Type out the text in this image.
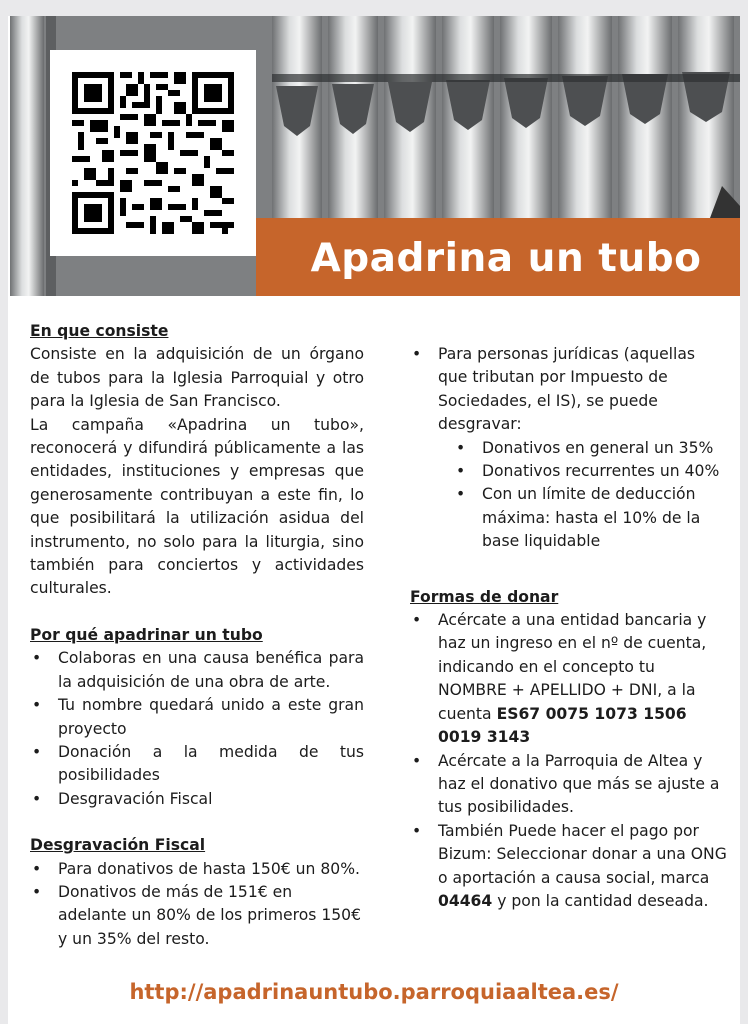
Apadrina un tubo
En que consiste

Consiste en la adquisición de un órgano de tubos para la Iglesia Parroquial y otro para la Iglesia de San Francisco.

La campaña «Apadrina un tubo», reconocerá y difundirá públicamente a las entidades, instituciones y empresas que generosamente contribuyan a este fin, lo que posibilitará la utilización asidua del instrumento, no solo para la liturgia, sino también para conciertos y actividades culturales.

Por qué apadrinar un tubo
• Colaboras en una causa benéfica para la adquisición de una obra de arte.
• Tu nombre quedará unido a este gran proyecto
• Donación a la medida de tus posibilidades
• Desgravación Fiscal
Desgravación Fiscal
• Para donativos de hasta 150€ un 80%.
• Donativos de más de 151€ en adelante un 80% de los primeros 150€ y un 35% del resto.
• Para personas jurídicas (aquellas que tributan por Impuesto de Sociedades, el IS), se puede desgravar:
• Donativos en general un 35%
• Donativos recurrentes un 40%
• Con un límite de deducción máxima: hasta el 10% de la base liquidable
Formas de donar
• Acércate a una entidad bancaria y haz un ingreso en el nº de cuenta, indicando en el concepto tu NOMBRE + APELLIDO + DNI, a la cuenta ES67 0075 1073 1506 0019 3143
• Acércate a la Parroquia de Altea y haz el donativo que más se ajuste a tus posibilidades.
• También Puede hacer el pago por Bizum: Seleccionar donar a una ONG o aportación a causa social, marca 04464 y pon la cantidad deseada.
http://apadrinauntubo.parroquiaaltea.es/
